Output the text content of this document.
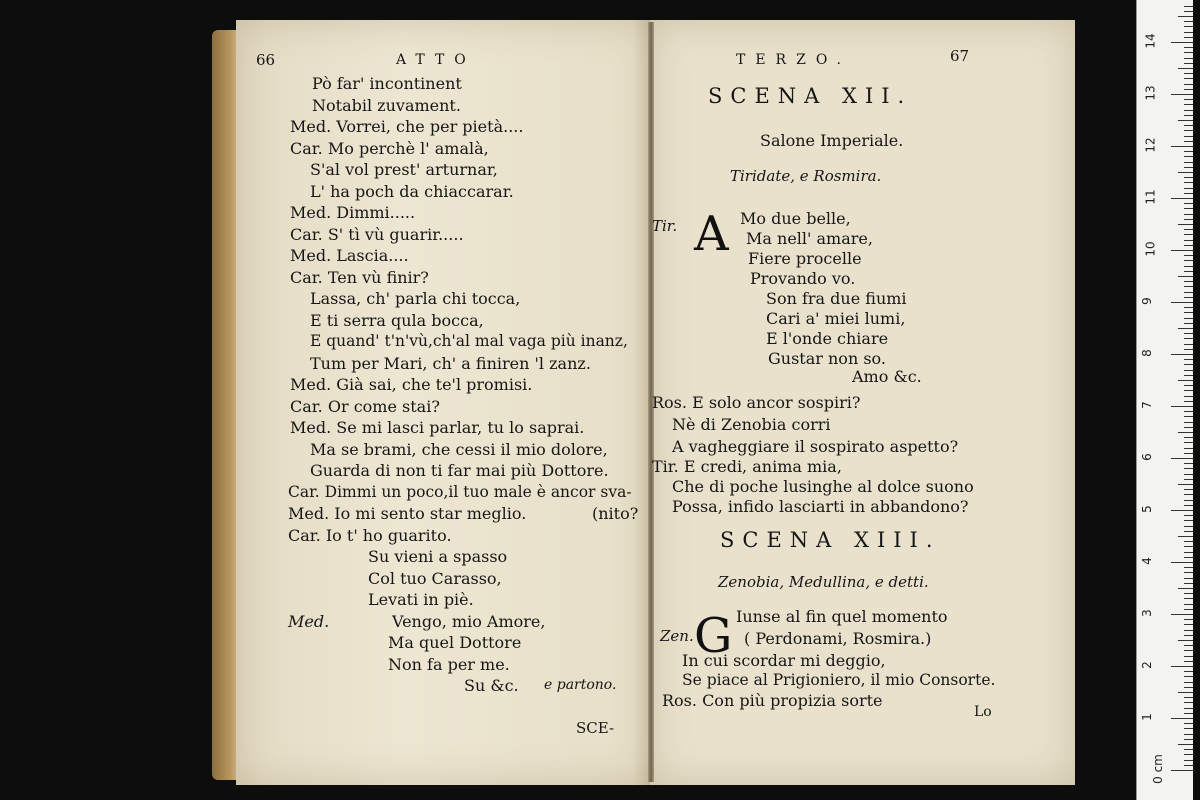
66	ATTO
Pò far' incontinent
Notabil zuvament.
Med. Vorrei, che per pietà....
Car. Mo perchè l' amalà,
S'al vol prest' arturnar,
L' ha poch da chiaccarar.
Med. Dimmi.....
Car. S' tì vù guarir.....
Med. Lascia....
Car. Ten vù finir?
Lassa, ch' parla chi tocca,
E ti serra qula bocca,
E quand' t'n'vù,ch'al mal vaga più inanz,
Tum per Mari, ch' a finiren 'l zanz.
Med. Già sai, che te'l promisi.
Car. Or come stai?
Med. Se mi lasci parlar, tu lo saprai.
Ma se brami, che cessi il mio dolore,
Guarda di non ti far mai più Dottore.
Car. Dimmi un poco,il tuo male è ancor sva-
Med. Io mi sento star meglio.	(nito?
Car. Io t' ho guarito.
Su vieni a spasso
Col tuo Carasso,
Levati in piè.
Med.	Vengo, mio Amore,
Ma quel Dottore
Non fa per me.
Su &c. e partono.
SCE-
TERZO.	67
SCENA XII.
Salone Imperiale.
Tiridate, e Rosmira.
Tir. A Mo due belle,
Ma nell' amare,
Fiere procelle
Provando vo.
Son fra due fiumi
Cari a' miei lumi,
E l'onde chiare
Gustar non so.
Amo &c.
Ros. E solo ancor sospiri?
Nè di Zenobia corri
A vagheggiare il sospirato aspetto?
Tir. E credi, anima mia,
Che di poche lusinghe al dolce suono
Possa, infido lasciarti in abbandono?
SCENA XIII.
Zenobia, Medullina, e detti.
Zen. G Iunse al fin quel momento
( Perdonami, Rosmira.)
In cui scordar mi deggio,
Se piace al Prigioniero, il mio Consorte.
Ros. Con più propizia sorte
Lo
0 cm
1
2
3
4
5
6
7
8
9
10
11
12
13
14
